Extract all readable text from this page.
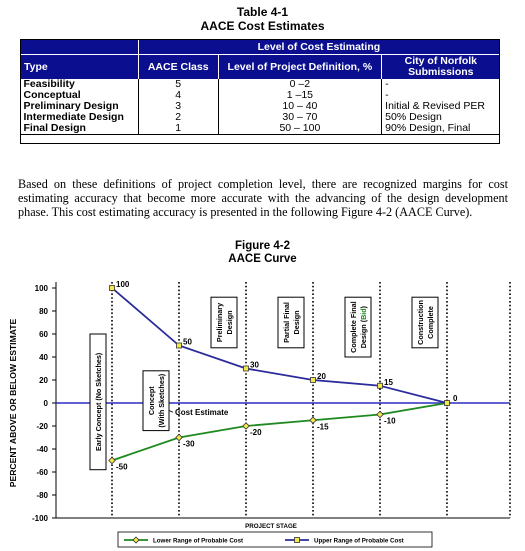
Table 4-1
AACE Cost Estimates
	Level of Cost Estimating		
Type	AACE Class	Level of Project Definition, %	City of Norfolk
Submissions
Feasibility	5	0 –2	-
Conceptual	4	1 –15	-
Preliminary Design	3	10 – 40	Initial & Revised PER
Intermediate Design	2	30 – 70	50% Design
Final Design	1	50 – 100	90% Design, Final

Based on these definitions of project completion level, there are recognized margins for cost estimating accuracy that become more accurate with the advancing of the design development phase. This cost estimating accuracy is presented in the following Figure 4-2 (AACE Curve).

Figure 4-2
AACE Curve
100
80
60
40
20
0
-20
-40
-60
-80
-100
Cost Estimate
Early Concept (No Sketches)	Concept (With Sketches)
Preliminary Design	Partial Final Design	Complete Final Design (Bid)	Construction Complete
-50
-30
-20
-15
-10
100
50
30
20
15
0
PERCENT ABOVE OR BELOW ESTIMATE
PROJECT STAGE
Lower Range of Probable Cost	Upper Range of Probable Cost
